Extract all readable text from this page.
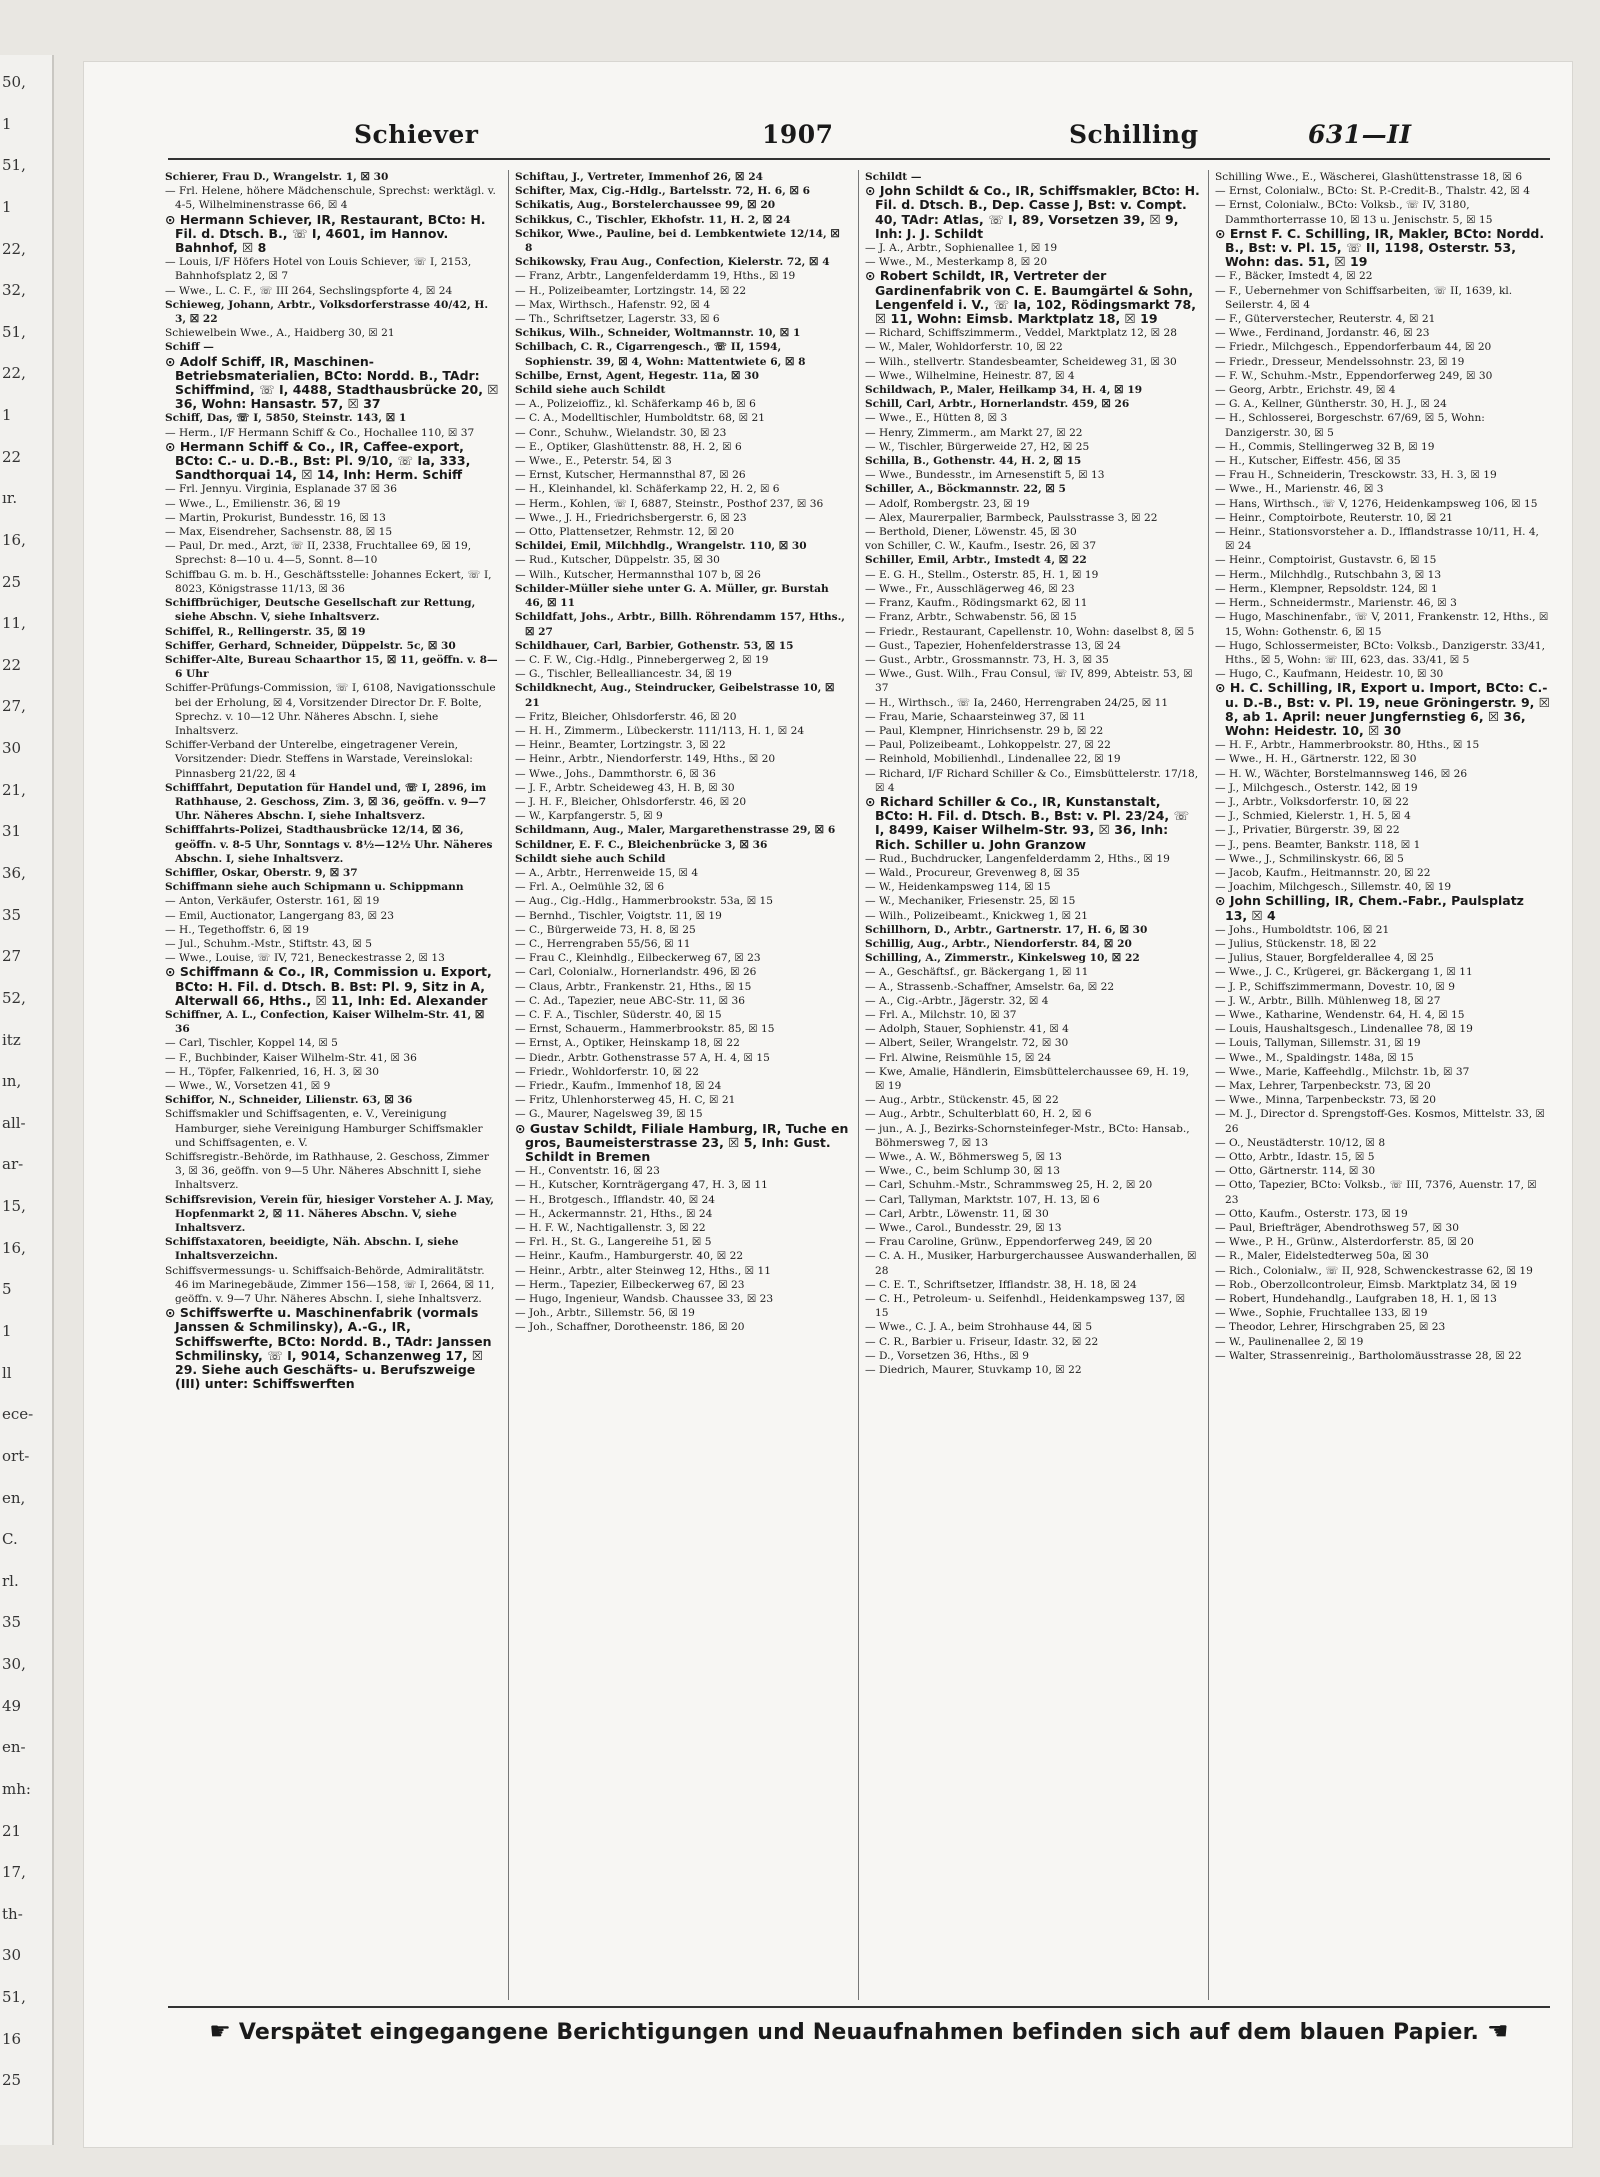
50,
1
51,
1
22,
32,
51,
22,
1
22
ır.
16,
25
11,
22
27,
30
21,
31
36,
35
27
52,
itz
ın,
all-
ar-
15,
16,
5
1
ll
ece-
ort-
en,
C.
rl.
35
30,
49
en-
mh:
21
17,
th-
30
51,
16
25
Schiever	1907	Schilling	631—II

Schierer, Frau D., Wrangelstr. 1, ☒ 30

— Frl. Helene, höhere Mädchenschule, Sprechst: werktägl. v. 4-5, Wilhelminenstrasse 66, ☒ 4

⊙ Hermann Schiever, IR, Restaurant, BCto: H. Fil. d. Dtsch. B., ☏ I, 4601, im Hannov. Bahnhof, ☒ 8

— Louis, I/F Höfers Hotel von Louis Schiever, ☏ I, 2153, Bahnhofsplatz 2, ☒ 7

— Wwe., L. C. F., ☏ III 264, Sechslingspforte 4, ☒ 24

Schieweg, Johann, Arbtr., Volksdorferstrasse 40/42, H. 3, ☒ 22

Schiewelbein Wwe., A., Haidberg 30, ☒ 21

Schiff —

⊙ Adolf Schiff, IR, Maschinen-Betriebsmaterialien, BCto: Nordd. B., TAdr: Schiffmind, ☏ I, 4488, Stadthausbrücke 20, ☒ 36, Wohn: Hansastr. 57, ☒ 37

Schiff, Das, ☏ I, 5850, Steinstr. 143, ☒ 1

— Herm., I/F Hermann Schiff & Co., Hochallee 110, ☒ 37

⊙ Hermann Schiff & Co., IR, Caffee-export, BCto: C.- u. D.-B., Bst: Pl. 9/10, ☏ Ia, 333, Sandthorquai 14, ☒ 14, Inh: Herm. Schiff

— Frl. Jennyu. Virginia, Esplanade 37 ☒ 36

— Wwe., L., Emilienstr. 36, ☒ 19

— Martin, Prokurist, Bundesstr. 16, ☒ 13

— Max, Eisendreher, Sachsenstr. 88, ☒ 15

— Paul, Dr. med., Arzt, ☏ II, 2338, Fruchtallee 69, ☒ 19, Sprechst: 8—10 u. 4—5, Sonnt. 8—10

Schiffbau G. m. b. H., Geschäftsstelle: Johannes Eckert, ☏ I, 8023, Königstrasse 11/13, ☒ 36

Schiffbrüchiger, Deutsche Gesellschaft zur Rettung, siehe Abschn. V, siehe Inhaltsverz.

Schiffel, R., Rellingerstr. 35, ☒ 19

Schiffer, Gerhard, Schneider, Düppelstr. 5c, ☒ 30

Schiffer-Alte, Bureau Schaarthor 15, ☒ 11, geöffn. v. 8—6 Uhr

Schiffer-Prüfungs-Commission, ☏ I, 6108, Navigationsschule bei der Erholung, ☒ 4, Vorsitzender Director Dr. F. Bolte, Sprechz. v. 10—12 Uhr. Näheres Abschn. I, siehe Inhaltsverz.

Schiffer-Verband der Unterelbe, eingetragener Verein, Vorsitzender: Diedr. Steffens in Warstade, Vereinslokal: Pinnasberg 21/22, ☒ 4

Schifffahrt, Deputation für Handel und, ☏ I, 2896, im Rathhause, 2. Geschoss, Zim. 3, ☒ 36, geöffn. v. 9—7 Uhr. Näheres Abschn. I, siehe Inhaltsverz.

Schifffahrts-Polizei, Stadthausbrücke 12/14, ☒ 36, geöffn. v. 8-5 Uhr, Sonntags v. 8½—12½ Uhr. Näheres Abschn. I, siehe Inhaltsverz.

Schiffler, Oskar, Oberstr. 9, ☒ 37

Schiffmann siehe auch Schipmann u. Schippmann

— Anton, Verkäufer, Osterstr. 161, ☒ 19

— Emil, Auctionator, Langergang 83, ☒ 23

— H., Tegethoffstr. 6, ☒ 19

— Jul., Schuhm.-Mstr., Stiftstr. 43, ☒ 5

— Wwe., Louise, ☏ IV, 721, Beneckestrasse 2, ☒ 13

⊙ Schiffmann & Co., IR, Commission u. Export, BCto: H. Fil. d. Dtsch. B. Bst: Pl. 9, Sitz in A, Alterwall 66, Hths., ☒ 11, Inh: Ed. Alexander

Schiffner, A. L., Confection, Kaiser Wilhelm-Str. 41, ☒ 36

— Carl, Tischler, Koppel 14, ☒ 5

— F., Buchbinder, Kaiser Wilhelm-Str. 41, ☒ 36

— H., Töpfer, Falkenried, 16, H. 3, ☒ 30

— Wwe., W., Vorsetzen 41, ☒ 9

Schiffor, N., Schneider, Lilienstr. 63, ☒ 36

Schiffsmakler und Schiffsagenten, e. V., Vereinigung Hamburger, siehe Vereinigung Hamburger Schiffsmakler und Schiffsagenten, e. V.

Schiffsregistr.-Behörde, im Rathhause, 2. Geschoss, Zimmer 3, ☒ 36, geöffn. von 9—5 Uhr. Näheres Abschnitt I, siehe Inhaltsverz.

Schiffsrevision, Verein für, hiesiger Vorsteher A. J. May, Hopfenmarkt 2, ☒ 11. Näheres Abschn. V, siehe Inhaltsverz.

Schiffstaxatoren, beeidigte, Näh. Abschn. I, siehe Inhaltsverzeichn.

Schiffsvermessungs- u. Schiffsaich-Behörde, Admiralitätstr. 46 im Marinegebäude, Zimmer 156—158, ☏ I, 2664, ☒ 11, geöffn. v. 9—7 Uhr. Näheres Abschn. I, siehe Inhaltsverz.

⊙ Schiffswerfte u. Maschinenfabrik (vormals Janssen & Schmilinsky), A.-G., IR, Schiffswerfte, BCto: Nordd. B., TAdr: Janssen Schmilinsky, ☏ I, 9014, Schanzenweg 17, ☒ 29. Siehe auch Geschäfts- u. Berufszweige (III) unter: Schiffswerften

Schiftau, J., Vertreter, Immenhof 26, ☒ 24

Schifter, Max, Cig.-Hdlg., Bartelsstr. 72, H. 6, ☒ 6

Schikatis, Aug., Borstelerchaussee 99, ☒ 20

Schikkus, C., Tischler, Ekhofstr. 11, H. 2, ☒ 24

Schikor, Wwe., Pauline, bei d. Lembkentwiete 12/14, ☒ 8

Schikowsky, Frau Aug., Confection, Kielerstr. 72, ☒ 4

— Franz, Arbtr., Langenfelderdamm 19, Hths., ☒ 19

— H., Polizeibeamter, Lortzingstr. 14, ☒ 22

— Max, Wirthsch., Hafenstr. 92, ☒ 4

— Th., Schriftsetzer, Lagerstr. 33, ☒ 6

Schikus, Wilh., Schneider, Woltmannstr. 10, ☒ 1

Schilbach, C. R., Cigarrengesch., ☏ II, 1594, Sophienstr. 39, ☒ 4, Wohn: Mattentwiete 6, ☒ 8

Schilbe, Ernst, Agent, Hegestr. 11a, ☒ 30

Schild siehe auch Schildt

— A., Polizeioffiz., kl. Schäferkamp 46 b, ☒ 6

— C. A., Modelltischler, Humboldtstr. 68, ☒ 21

— Conr., Schuhw., Wielandstr. 30, ☒ 23

— E., Optiker, Glashüttenstr. 88, H. 2, ☒ 6

— Wwe., E., Peterstr. 54, ☒ 3

— Ernst, Kutscher, Hermannsthal 87, ☒ 26

— H., Kleinhandel, kl. Schäferkamp 22, H. 2, ☒ 6

— Herm., Kohlen, ☏ I, 6887, Steinstr., Posthof 237, ☒ 36

— Wwe., J. H., Friedrichsbergerstr. 6, ☒ 23

— Otto, Plattensetzer, Rehmstr. 12, ☒ 20

Schildei, Emil, Milchhdlg., Wrangelstr. 110, ☒ 30

— Rud., Kutscher, Düppelstr. 35, ☒ 30

— Wilh., Kutscher, Hermannsthal 107 b, ☒ 26

Schilder-Müller siehe unter G. A. Müller, gr. Burstah 46, ☒ 11

Schildfatt, Johs., Arbtr., Billh. Röhrendamm 157, Hths., ☒ 27

Schildhauer, Carl, Barbier, Gothenstr. 53, ☒ 15

— C. F. W., Cig.-Hdlg., Pinnebergerweg 2, ☒ 19

— G., Tischler, Bellealliancestr. 34, ☒ 19

Schildknecht, Aug., Steindrucker, Geibelstrasse 10, ☒ 21

— Fritz, Bleicher, Ohlsdorferstr. 46, ☒ 20

— H. H., Zimmerm., Lübeckerstr. 111/113, H. 1, ☒ 24

— Heinr., Beamter, Lortzingstr. 3, ☒ 22

— Heinr., Arbtr., Niendorferstr. 149, Hths., ☒ 20

— Wwe., Johs., Dammthorstr. 6, ☒ 36

— J. F., Arbtr. Scheideweg 43, H. B, ☒ 30

— J. H. F., Bleicher, Ohlsdorferstr. 46, ☒ 20

— W., Karpfangerstr. 5, ☒ 9

Schildmann, Aug., Maler, Margarethenstrasse 29, ☒ 6

Schildner, E. F. C., Bleichenbrücke 3, ☒ 36

Schildt siehe auch Schild

— A., Arbtr., Herrenweide 15, ☒ 4

— Frl. A., Oelmühle 32, ☒ 6

— Aug., Cig.-Hdlg., Hammerbrookstr. 53a, ☒ 15

— Bernhd., Tischler, Voigtstr. 11, ☒ 19

— C., Bürgerweide 73, H. 8, ☒ 25

— C., Herrengraben 55/56, ☒ 11

— Frau C., Kleinhdlg., Eilbeckerweg 67, ☒ 23

— Carl, Colonialw., Hornerlandstr. 496, ☒ 26

— Claus, Arbtr., Frankenstr. 21, Hths., ☒ 15

— C. Ad., Tapezier, neue ABC-Str. 11, ☒ 36

— C. F. A., Tischler, Süderstr. 40, ☒ 15

— Ernst, Schauerm., Hammerbrookstr. 85, ☒ 15

— Ernst, A., Optiker, Heinskamp 18, ☒ 22

— Diedr., Arbtr. Gothenstrasse 57 A, H. 4, ☒ 15

— Friedr., Wohldorferstr. 10, ☒ 22

— Friedr., Kaufm., Immenhof 18, ☒ 24

— Fritz, Uhlenhorsterweg 45, H. C, ☒ 21

— G., Maurer, Nagelsweg 39, ☒ 15

⊙ Gustav Schildt, Filiale Hamburg, IR, Tuche en gros, Baumeisterstrasse 23, ☒ 5, Inh: Gust. Schildt in Bremen

— H., Conventstr. 16, ☒ 23

— H., Kutscher, Kornträgergang 47, H. 3, ☒ 11

— H., Brotgesch., Ifflandstr. 40, ☒ 24

— H., Ackermannstr. 21, Hths., ☒ 24

— H. F. W., Nachtigallenstr. 3, ☒ 22

— Frl. H., St. G., Langereihe 51, ☒ 5

— Heinr., Kaufm., Hamburgerstr. 40, ☒ 22

— Heinr., Arbtr., alter Steinweg 12, Hths., ☒ 11

— Herm., Tapezier, Eilbeckerweg 67, ☒ 23

— Hugo, Ingenieur, Wandsb. Chaussee 33, ☒ 23

— Joh., Arbtr., Sillemstr. 56, ☒ 19

— Joh., Schaffner, Dorotheenstr. 186, ☒ 20

Schildt —

⊙ John Schildt & Co., IR, Schiffsmakler, BCto: H. Fil. d. Dtsch. B., Dep. Casse J, Bst: v. Compt. 40, TAdr: Atlas, ☏ I, 89, Vorsetzen 39, ☒ 9, Inh: J. J. Schildt

— J. A., Arbtr., Sophienallee 1, ☒ 19

— Wwe., M., Mesterkamp 8, ☒ 20

⊙ Robert Schildt, IR, Vertreter der Gardinenfabrik von C. E. Baumgärtel & Sohn, Lengenfeld i. V., ☏ Ia, 102, Rödingsmarkt 78, ☒ 11, Wohn: Eimsb. Marktplatz 18, ☒ 19

— Richard, Schiffszimmerm., Veddel, Marktplatz 12, ☒ 28

— W., Maler, Wohldorferstr. 10, ☒ 22

— Wilh., stellvertr. Standesbeamter, Scheideweg 31, ☒ 30

— Wwe., Wilhelmine, Heinestr. 87, ☒ 4

Schildwach, P., Maler, Heilkamp 34, H. 4, ☒ 19

Schill, Carl, Arbtr., Hornerlandstr. 459, ☒ 26

— Wwe., E., Hütten 8, ☒ 3

— Henry, Zimmerm., am Markt 27, ☒ 22

— W., Tischler, Bürgerweide 27, H2, ☒ 25

Schilla, B., Gothenstr. 44, H. 2, ☒ 15

— Wwe., Bundesstr., im Arnesenstift 5, ☒ 13

Schiller, A., Böckmannstr. 22, ☒ 5

— Adolf, Rombergstr. 23, ☒ 19

— Alex, Maurerpalier, Barmbeck, Paulsstrasse 3, ☒ 22

— Berthold, Diener, Löwenstr. 45, ☒ 30

von Schiller, C. W., Kaufm., Isestr. 26, ☒ 37

Schiller, Emil, Arbtr., Imstedt 4, ☒ 22

— E. G. H., Stellm., Osterstr. 85, H. 1, ☒ 19

— Wwe., Fr., Ausschlägerweg 46, ☒ 23

— Franz, Kaufm., Rödingsmarkt 62, ☒ 11

— Franz, Arbtr., Schwabenstr. 56, ☒ 15

— Friedr., Restaurant, Capellenstr. 10, Wohn: daselbst 8, ☒ 5

— Gust., Tapezier, Hohenfelderstrasse 13, ☒ 24

— Gust., Arbtr., Grossmannstr. 73, H. 3, ☒ 35

— Wwe., Gust. Wilh., Frau Consul, ☏ IV, 899, Abteistr. 53, ☒ 37

— H., Wirthsch., ☏ Ia, 2460, Herrengraben 24/25, ☒ 11

— Frau, Marie, Schaarsteinweg 37, ☒ 11

— Paul, Klempner, Hinrichsenstr. 29 b, ☒ 22

— Paul, Polizeibeamt., Lohkoppelstr. 27, ☒ 22

— Reinhold, Mobilienhdl., Lindenallee 22, ☒ 19

— Richard, I/F Richard Schiller & Co., Eimsbüttelerstr. 17/18, ☒ 4

⊙ Richard Schiller & Co., IR, Kunstanstalt, BCto: H. Fil. d. Dtsch. B., Bst: v. Pl. 23/24, ☏ I, 8499, Kaiser Wilhelm-Str. 93, ☒ 36, Inh: Rich. Schiller u. John Granzow

— Rud., Buchdrucker, Langenfelderdamm 2, Hths., ☒ 19

— Wald., Procureur, Grevenweg 8, ☒ 35

— W., Heidenkampsweg 114, ☒ 15

— W., Mechaniker, Friesenstr. 25, ☒ 15

— Wilh., Polizeibeamt., Knickweg 1, ☒ 21

Schillhorn, D., Arbtr., Gartnerstr. 17, H. 6, ☒ 30

Schillig, Aug., Arbtr., Niendorferstr. 84, ☒ 20

Schilling, A., Zimmerstr., Kinkelsweg 10, ☒ 22

— A., Geschäftsf., gr. Bäckergang 1, ☒ 11

— A., Strassenb.-Schaffner, Amselstr. 6a, ☒ 22

— A., Cig.-Arbtr., Jägerstr. 32, ☒ 4

— Frl. A., Milchstr. 10, ☒ 37

— Adolph, Stauer, Sophienstr. 41, ☒ 4

— Albert, Seiler, Wrangelstr. 72, ☒ 30

— Frl. Alwine, Reismühle 15, ☒ 24

— Kwe, Amalie, Händlerin, Eimsbüttelerchaussee 69, H. 19, ☒ 19

— Aug., Arbtr., Stückenstr. 45, ☒ 22

— Aug., Arbtr., Schulterblatt 60, H. 2, ☒ 6

— jun., A. J., Bezirks-Schornsteinfeger-Mstr., BCto: Hansab., Böhmersweg 7, ☒ 13

— Wwe., A. W., Böhmersweg 5, ☒ 13

— Wwe., C., beim Schlump 30, ☒ 13

— Carl, Schuhm.-Mstr., Schrammsweg 25, H. 2, ☒ 20

— Carl, Tallyman, Marktstr. 107, H. 13, ☒ 6

— Carl, Arbtr., Löwenstr. 11, ☒ 30

— Wwe., Carol., Bundesstr. 29, ☒ 13

— Frau Caroline, Grünw., Eppendorferweg 249, ☒ 20

— C. A. H., Musiker, Harburgerchaussee Auswanderhallen, ☒ 28

— C. E. T., Schriftsetzer, Ifflandstr. 38, H. 18, ☒ 24

— C. H., Petroleum- u. Seifenhdl., Heidenkampsweg 137, ☒ 15

— Wwe., C. J. A., beim Strohhause 44, ☒ 5

— C. R., Barbier u. Friseur, Idastr. 32, ☒ 22

— D., Vorsetzen 36, Hths., ☒ 9

— Diedrich, Maurer, Stuvkamp 10, ☒ 22

Schilling Wwe., E., Wäscherei, Glashüttenstrasse 18, ☒ 6

— Ernst, Colonialw., BCto: St. P.-Credit-B., Thalstr. 42, ☒ 4

— Ernst, Colonialw., BCto: Volksb., ☏ IV, 3180, Dammthorterrasse 10, ☒ 13 u. Jenischstr. 5, ☒ 15

⊙ Ernst F. C. Schilling, IR, Makler, BCto: Nordd. B., Bst: v. Pl. 15, ☏ II, 1198, Osterstr. 53, Wohn: das. 51, ☒ 19

— F., Bäcker, Imstedt 4, ☒ 22

— F., Uebernehmer von Schiffsarbeiten, ☏ II, 1639, kl. Seilerstr. 4, ☒ 4

— F., Güterverstecher, Reuterstr. 4, ☒ 21

— Wwe., Ferdinand, Jordanstr. 46, ☒ 23

— Friedr., Milchgesch., Eppendorferbaum 44, ☒ 20

— Friedr., Dresseur, Mendelssohnstr. 23, ☒ 19

— F. W., Schuhm.-Mstr., Eppendorferweg 249, ☒ 30

— Georg, Arbtr., Erichstr. 49, ☒ 4

— G. A., Kellner, Güntherstr. 30, H. J., ☒ 24

— H., Schlosserei, Borgeschstr. 67/69, ☒ 5, Wohn: Danzigerstr. 30, ☒ 5

— H., Commis, Stellingerweg 32 B, ☒ 19

— H., Kutscher, Eiffestr. 456, ☒ 35

— Frau H., Schneiderin, Tresckowstr. 33, H. 3, ☒ 19

— Wwe., H., Marienstr. 46, ☒ 3

— Hans, Wirthsch., ☏ V, 1276, Heidenkampsweg 106, ☒ 15

— Heinr., Comptoirbote, Reuterstr. 10, ☒ 21

— Heinr., Stationsvorsteher a. D., Ifflandstrasse 10/11, H. 4, ☒ 24

— Heinr., Comptoirist, Gustavstr. 6, ☒ 15

— Herm., Milchhdlg., Rutschbahn 3, ☒ 13

— Herm., Klempner, Repsoldstr. 124, ☒ 1

— Herm., Schneidermstr., Marienstr. 46, ☒ 3

— Hugo, Maschinenfabr., ☏ V, 2011, Frankenstr. 12, Hths., ☒ 15, Wohn: Gothenstr. 6, ☒ 15

— Hugo, Schlossermeister, BCto: Volksb., Danzigerstr. 33/41, Hths., ☒ 5, Wohn: ☏ III, 623, das. 33/41, ☒ 5

— Hugo, C., Kaufmann, Heidestr. 10, ☒ 30

⊙ H. C. Schilling, IR, Export u. Import, BCto: C.- u. D.-B., Bst: v. Pl. 19, neue Gröningerstr. 9, ☒ 8, ab 1. April: neuer Jungfernstieg 6, ☒ 36, Wohn: Heidestr. 10, ☒ 30

— H. F., Arbtr., Hammerbrookstr. 80, Hths., ☒ 15

— Wwe., H. H., Gärtnerstr. 122, ☒ 30

— H. W., Wächter, Borstelmannsweg 146, ☒ 26

— J., Milchgesch., Osterstr. 142, ☒ 19

— J., Arbtr., Volksdorferstr. 10, ☒ 22

— J., Schmied, Kielerstr. 1, H. 5, ☒ 4

— J., Privatier, Bürgerstr. 39, ☒ 22

— J., pens. Beamter, Bankstr. 118, ☒ 1

— Wwe., J., Schmilinskystr. 66, ☒ 5

— Jacob, Kaufm., Heitmannstr. 20, ☒ 22

— Joachim, Milchgesch., Sillemstr. 40, ☒ 19

⊙ John Schilling, IR, Chem.-Fabr., Paulsplatz 13, ☒ 4

— Johs., Humboldtstr. 106, ☒ 21

— Julius, Stückenstr. 18, ☒ 22

— Julius, Stauer, Borgfelderallee 4, ☒ 25

— Wwe., J. C., Krügerei, gr. Bäckergang 1, ☒ 11

— J. P., Schiffszimmermann, Dovestr. 10, ☒ 9

— J. W., Arbtr., Billh. Mühlenweg 18, ☒ 27

— Wwe., Katharine, Wendenstr. 64, H. 4, ☒ 15

— Louis, Haushaltsgesch., Lindenallee 78, ☒ 19

— Louis, Tallyman, Sillemstr. 31, ☒ 19

— Wwe., M., Spaldingstr. 148a, ☒ 15

— Wwe., Marie, Kaffeehdlg., Milchstr. 1b, ☒ 37

— Max, Lehrer, Tarpenbeckstr. 73, ☒ 20

— Wwe., Minna, Tarpenbeckstr. 73, ☒ 20

— M. J., Director d. Sprengstoff-Ges. Kosmos, Mittelstr. 33, ☒ 26

— O., Neustädterstr. 10/12, ☒ 8

— Otto, Arbtr., Idastr. 15, ☒ 5

— Otto, Gärtnerstr. 114, ☒ 30

— Otto, Tapezier, BCto: Volksb., ☏ III, 7376, Auenstr. 17, ☒ 23

— Otto, Kaufm., Osterstr. 173, ☒ 19

— Paul, Briefträger, Abendrothsweg 57, ☒ 30

— Wwe., P. H., Grünw., Alsterdorferstr. 85, ☒ 20

— R., Maler, Eidelstedterweg 50a, ☒ 30

— Rich., Colonialw., ☏ II, 928, Schwenckestrasse 62, ☒ 19

— Rob., Oberzollcontroleur, Eimsb. Marktplatz 34, ☒ 19

— Robert, Hundehandlg., Laufgraben 18, H. 1, ☒ 13

— Wwe., Sophie, Fruchtallee 133, ☒ 19

— Theodor, Lehrer, Hirschgraben 25, ☒ 23

— W., Paulinenallee 2, ☒ 19

— Walter, Strassenreinig., Bartholomäusstrasse 28, ☒ 22

☛ Verspätet eingegangene Berichtigungen und Neuaufnahmen befinden sich auf dem blauen Papier. ☚
